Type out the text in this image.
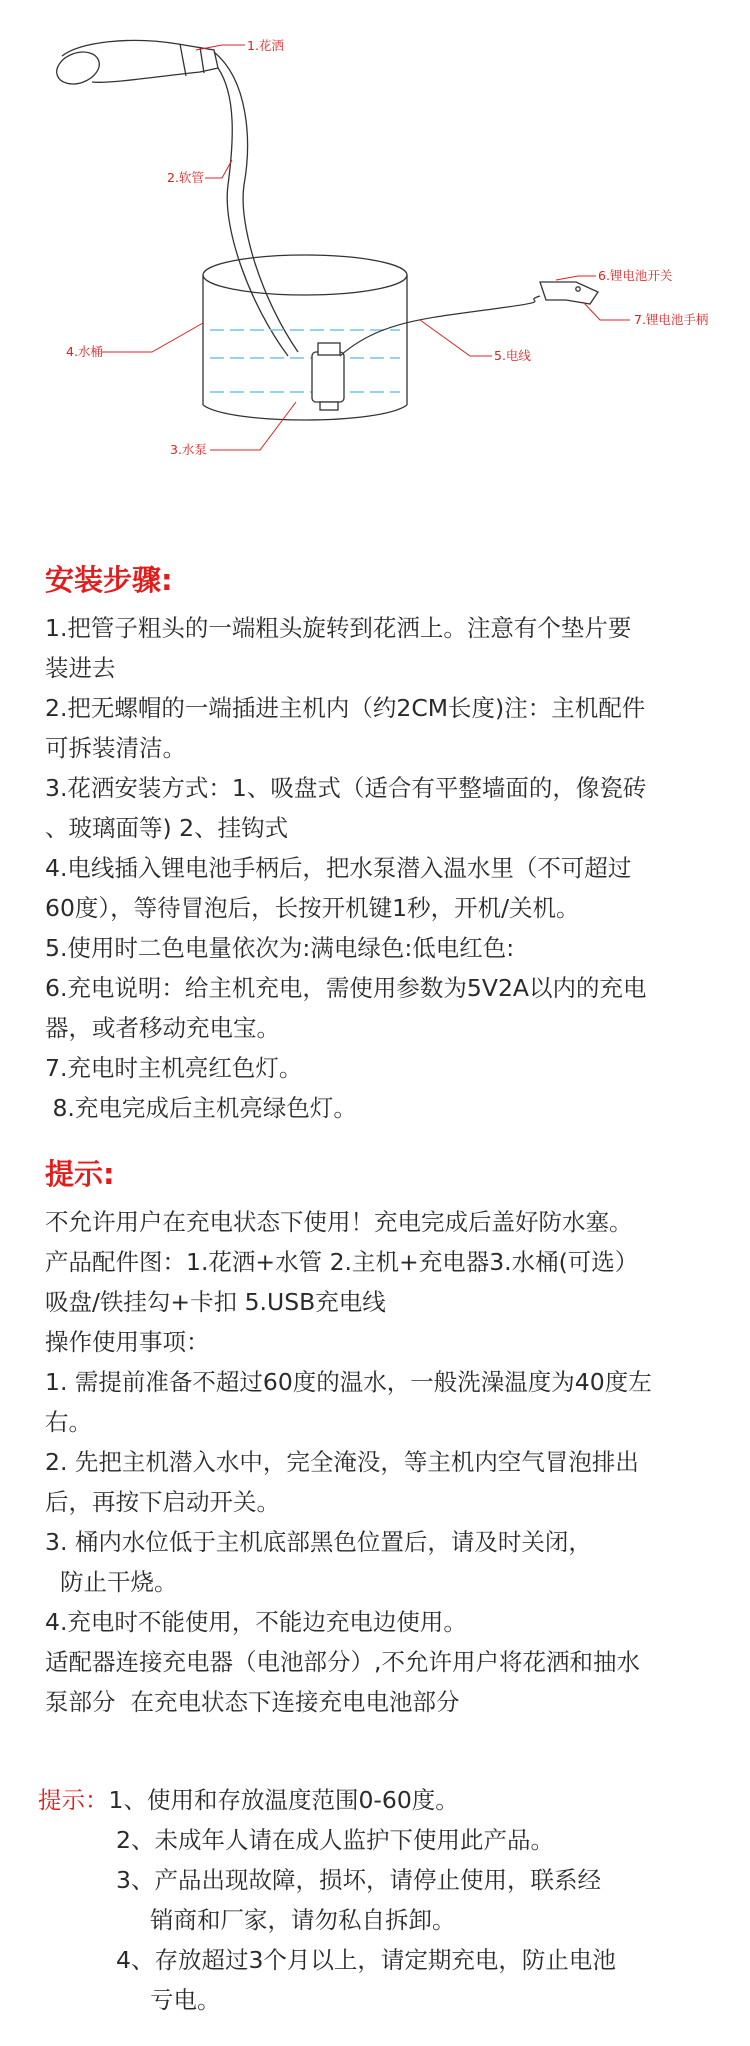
1.花洒
2.软管
3.水泵
4.水桶	5.电线
6.锂电池开关
7.锂电池手柄
安装步骤:

1.把管子粗头的一端粗头旋转到花洒上。注意有个垫片要

装进去

2.把无螺帽的一端插进主机内（约2CM长度)注：主机配件

可拆装清洁。

3.花洒安装方式：1、吸盘式（适合有平整墙面的，像瓷砖

、玻璃面等) 2、挂钩式

4.电线插入锂电池手柄后，把水泵潜入温水里（不可超过

60度），等待冒泡后，长按开机键1秒，开机/关机。

5.使用时二色电量依次为:满电绿色:低电红色:

6.充电说明：给主机充电，需使用参数为5V2A以内的充电

器，或者移动充电宝。

7.充电时主机亮红色灯。

8.充电完成后主机亮绿色灯。

提示:

不允许用户在充电状态下使用！充电完成后盖好防水塞。

产品配件图：1.花洒+水管 2.主机+充电器3.水桶(可选）

吸盘/铁挂勾+卡扣 5.USB充电线

操作使用事项：

1. 需提前准备不超过60度的温水，一般洗澡温度为40度左

右。

2. 先把主机潜入水中，完全淹没，等主机内空气冒泡排出

后，再按下启动开关。

3. 桶内水位低于主机底部黑色位置后，请及时关闭，

防止干烧。

4.充电时不能使用，不能边充电边使用。

适配器连接充电器（电池部分）,不允许用户将花洒和抽水

泵部分  在充电状态下连接充电电池部分

提示：1、使用和存放温度范围0-60度。
2、未成年人请在成人监护下使用此产品。
3、产品出现故障，损坏，请停止使用，联系经
销商和厂家，请勿私自拆卸。
4、存放超过3个月以上，请定期充电，防止电池
亏电。
